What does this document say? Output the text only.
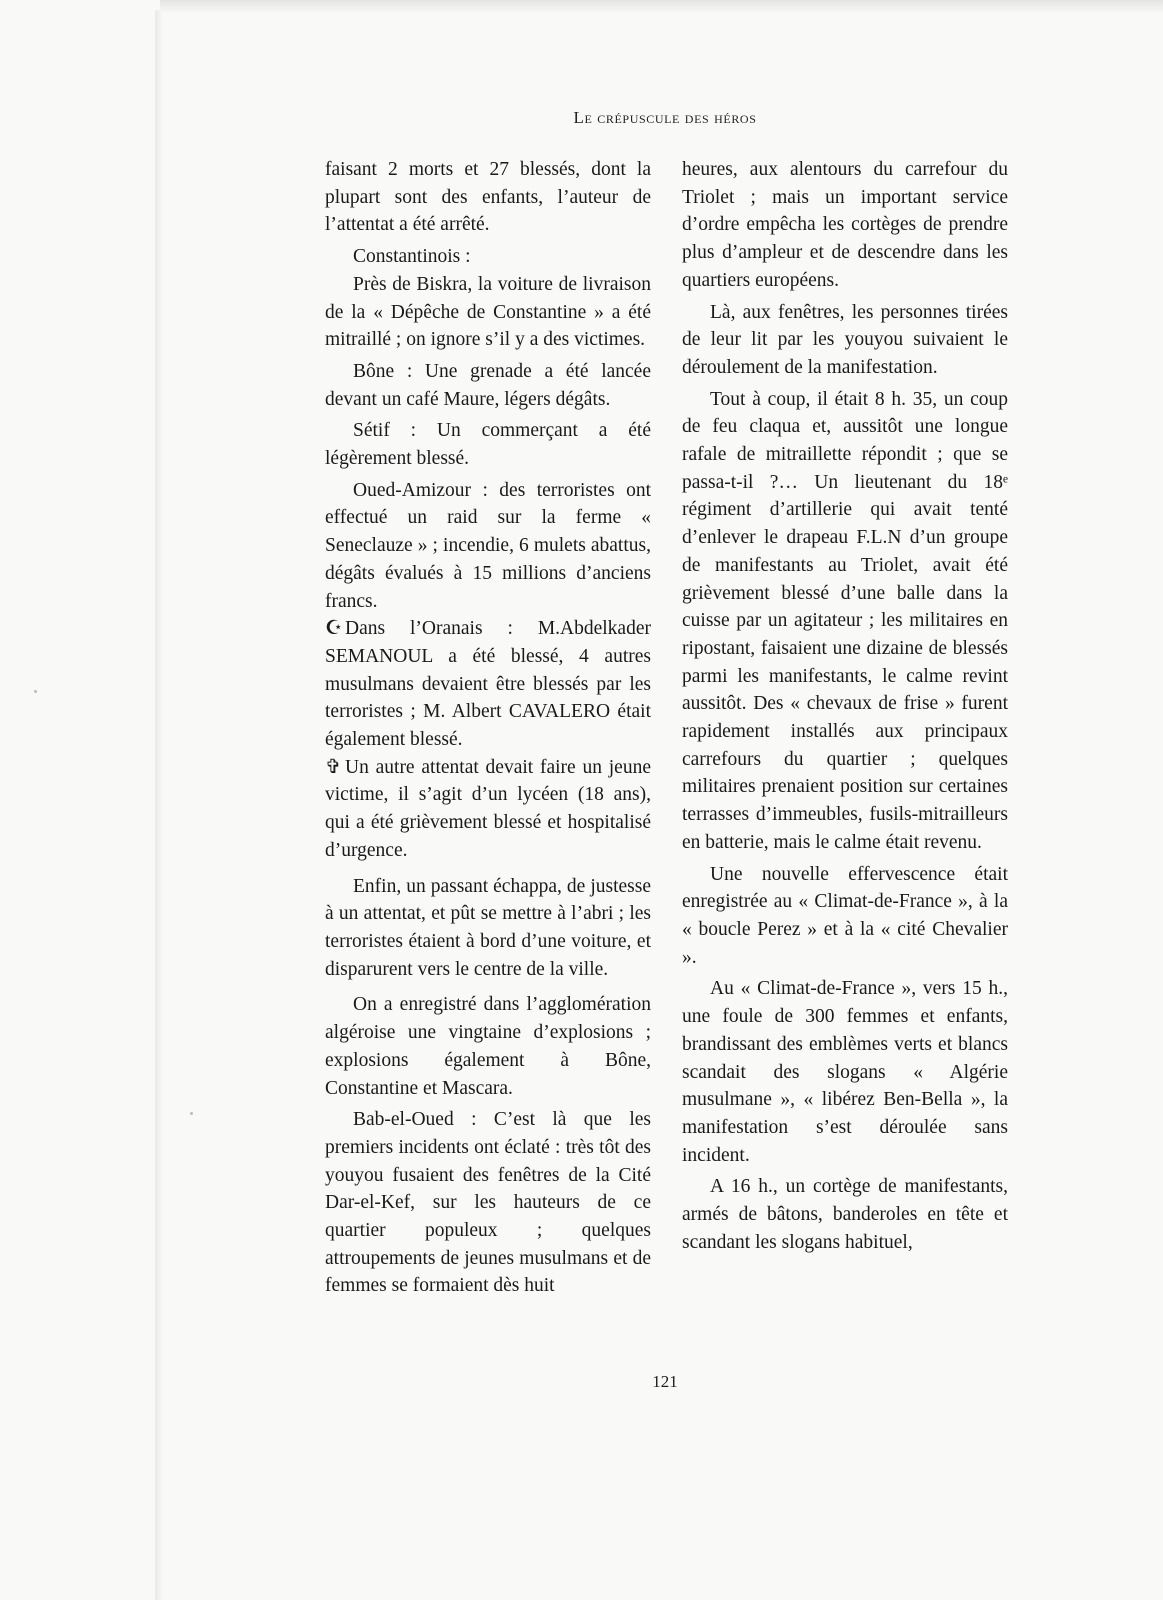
Le crépuscule des héros

faisant 2 morts et 27 blessés, dont la plupart sont des enfants, l’auteur de l’attentat a été arrêté.

Constantinois :

Près de Biskra, la voiture de livraison de la « Dépêche de Constantine » a été mitraillé ; on ignore s’il y a des victimes.

Bône : Une grenade a été lancée devant un café Maure, légers dégâts.

Sétif : Un commerçant a été légèrement blessé.

Oued-Amizour : des terroristes ont effectué un raid sur la ferme « Seneclauze » ; incendie, 6 mulets abattus, dégâts évalués à 15 millions d’anciens francs.

☪ Dans l’Oranais : M.Abdelkader SEMANOUL a été blessé, 4 autres musulmans devaient être blessés par les terroristes ; M. Albert CAVALERO était également blessé.

✞ Un autre attentat devait faire un jeune victime, il s’agit d’un lycéen (18 ans), qui a été grièvement blessé et hospitalisé d’urgence.

Enfin, un passant échappa, de justesse à un attentat, et pût se mettre à l’abri ; les terroristes étaient à bord d’une voiture, et disparurent vers le centre de la ville.

On a enregistré dans l’agglomération algéroise une vingtaine d’explosions ; explosions également à Bône, Constantine et Mascara.

Bab-el-Oued : C’est là que les premiers incidents ont éclaté : très tôt des youyou fusaient des fenêtres de la Cité Dar-el-Kef, sur les hauteurs de ce quartier populeux ; quelques attroupements de jeunes musulmans et de femmes se formaient dès huit

heures, aux alentours du carrefour du Triolet ; mais un important service d’ordre empêcha les cortèges de prendre plus d’ampleur et de descendre dans les quartiers européens.

Là, aux fenêtres, les personnes tirées de leur lit par les youyou suivaient le déroulement de la manifestation.

Tout à coup, il était 8 h. 35, un coup de feu claqua et, aussitôt une longue rafale de mitraillette répondit ; que se passa-t-il ?… Un lieutenant du 18ᵉ régiment d’artillerie qui avait tenté d’enlever le drapeau F.L.N d’un groupe de manifestants au Triolet, avait été grièvement blessé d’une balle dans la cuisse par un agitateur ; les militaires en ripostant, faisaient une dizaine de blessés parmi les manifestants, le calme revint aussitôt. Des « chevaux de frise » furent rapidement installés aux principaux carrefours du quartier ; quelques militaires prenaient position sur certaines terrasses d’immeubles, fusils-mitrailleurs en batterie, mais le calme était revenu.

Une nouvelle effervescence était enregistrée au « Climat-de-France », à la « boucle Perez » et à la « cité Chevalier ».

Au « Climat-de-France », vers 15 h., une foule de 300 femmes et enfants, brandissant des emblèmes verts et blancs scandait des slogans « Algérie musulmane », « libérez Ben-Bella », la manifestation s’est déroulée sans incident.

A 16 h., un cortège de manifestants, armés de bâtons, banderoles en tête et scandant les slogans habituel,

121
